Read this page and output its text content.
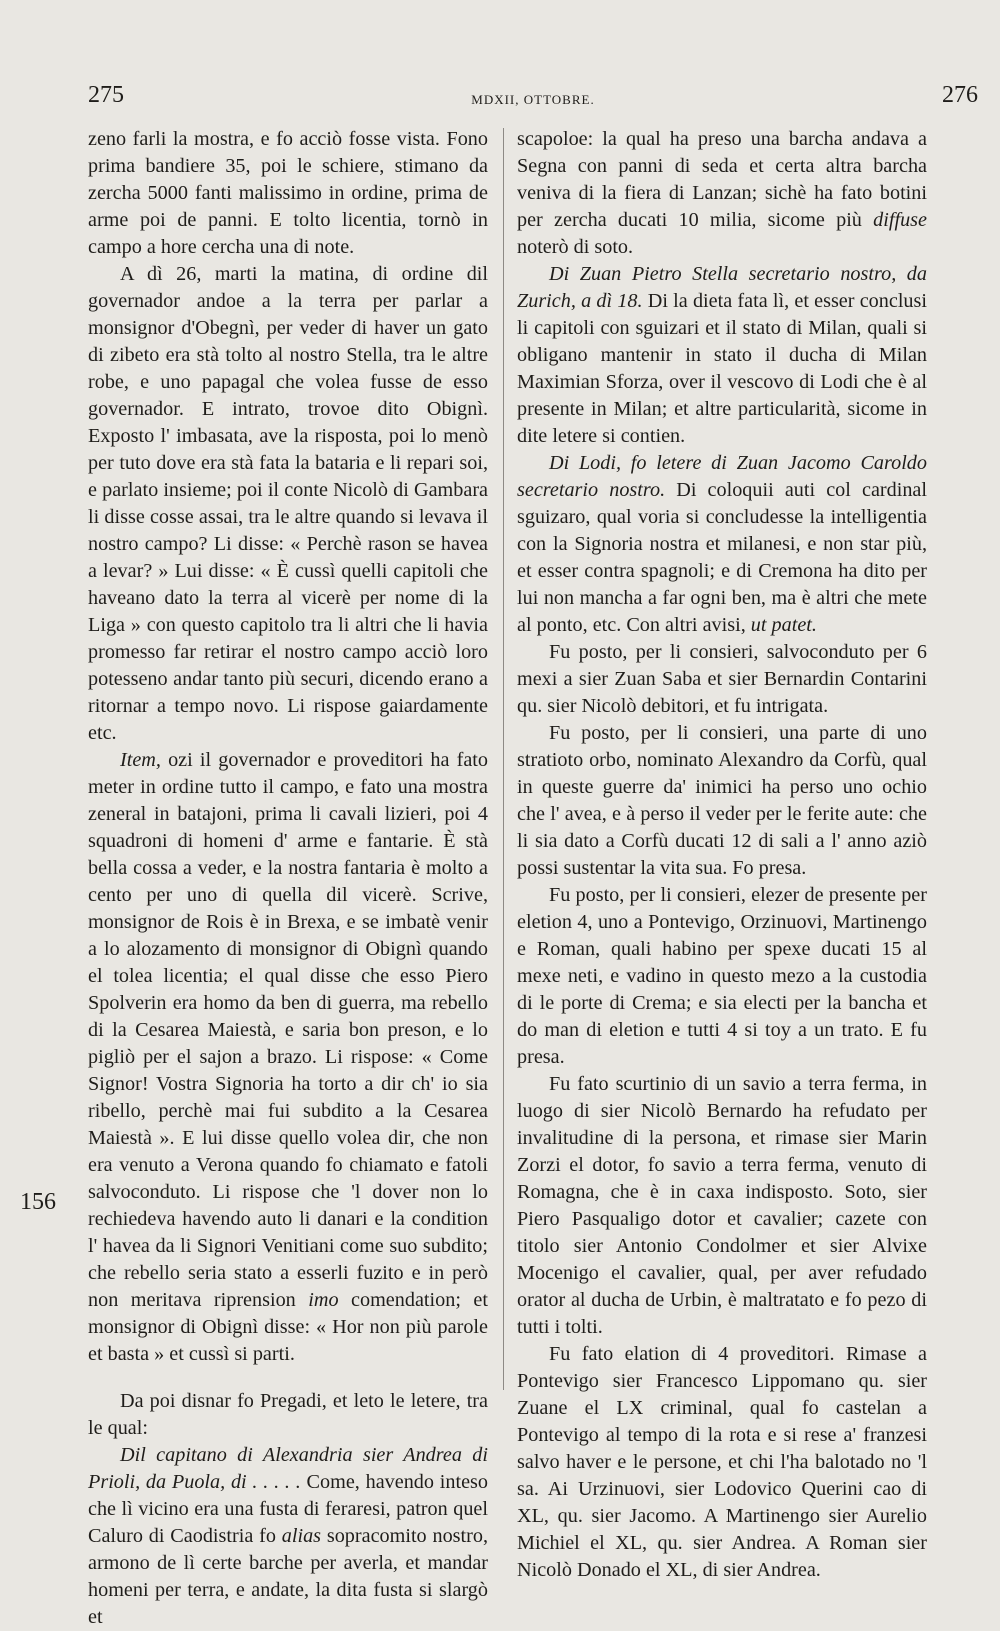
275	MDXII, OTTOBRE.	276
156

zeno farli la mostra, e fo acciò fosse vista. Fono prima bandiere 35, poi le schiere, stimano da zercha 5000 fanti malissimo in ordine, prima de arme poi de panni. E tolto licentia, tornò in campo a hore cercha una di note.

A dì 26, marti la matina, di ordine dil governador andoe a la terra per parlar a monsignor d'Obegnì, per veder di haver un gato di zibeto era stà tolto al nostro Stella, tra le altre robe, e uno papagal che volea fusse de esso governador. E intrato, trovoe dito Obignì. Exposto l' imbasata, ave la risposta, poi lo menò per tuto dove era stà fata la bataria e li repari soi, e parlato insieme; poi il conte Nicolò di Gambara li disse cosse assai, tra le altre quando si levava il nostro campo? Li disse: « Perchè rason se havea a levar? » Lui disse: « È cussì quelli capitoli che haveano dato la terra al vicerè per nome di la Liga » con questo capitolo tra li altri che li havia promesso far retirar el nostro campo acciò loro potesseno andar tanto più securi, dicendo erano a ritornar a tempo novo. Li rispose gaiardamente etc.

Item, ozi il governador e proveditori ha fato meter in ordine tutto il campo, e fato una mostra zeneral in batajoni, prima li cavali lizieri, poi 4 squadroni di homeni d' arme e fantarie. È stà bella cossa a veder, e la nostra fantaria è molto a cento per uno di quella dil vicerè. Scrive, monsignor de Rois è in Brexa, e se imbatè venir a lo alozamento di monsignor di Obignì quando el tolea licentia; el qual disse che esso Piero Spolverin era homo da ben di guerra, ma rebello di la Cesarea Maiestà, e saria bon preson, e lo pigliò per el sajon a brazo. Li rispose: « Come Signor! Vostra Signoria ha torto a dir ch' io sia ribello, perchè mai fui subdito a la Cesarea Maiestà ». E lui disse quello volea dir, che non era venuto a Verona quando fo chiamato e fatoli salvoconduto. Li rispose che 'l dover non lo rechiedeva havendo auto li danari e la condition l' havea da li Signori Venitiani come suo subdito; che rebello seria stato a esserli fuzito e in però non meritava riprension imo comendation; et monsignor di Obignì disse: « Hor non più parole et basta » et cussì si parti.

Da poi disnar fo Pregadi, et leto le letere, tra le qual:

Dil capitano di Alexandria sier Andrea di Prioli, da Puola, di . . . . . Come, havendo inteso che lì vicino era una fusta di feraresi, patron quel Caluro di Caodistria fo alias sopracomito nostro, armono de lì certe barche per averla, et mandar homeni per terra, e andate, la dita fusta si slargò et

scapoloe: la qual ha preso una barcha andava a Segna con panni di seda et certa altra barcha veniva di la fiera di Lanzan; sichè ha fato botini per zercha ducati 10 milia, sicome più diffuse noterò di soto.

Di Zuan Pietro Stella secretario nostro, da Zurich, a dì 18. Di la dieta fata lì, et esser conclusi li capitoli con sguizari et il stato di Milan, quali si obligano mantenir in stato il ducha di Milan Maximian Sforza, over il vescovo di Lodi che è al presente in Milan; et altre particularità, sicome in dite letere si contien.

Di Lodi, fo letere di Zuan Jacomo Caroldo secretario nostro. Di coloquii auti col cardinal sguizaro, qual voria si concludesse la intelligentia con la Signoria nostra et milanesi, e non star più, et esser contra spagnoli; e di Cremona ha dito per lui non mancha a far ogni ben, ma è altri che mete al ponto, etc. Con altri avisi, ut patet.

Fu posto, per li consieri, salvoconduto per 6 mexi a sier Zuan Saba et sier Bernardin Contarini qu. sier Nicolò debitori, et fu intrigata.

Fu posto, per li consieri, una parte di uno stratioto orbo, nominato Alexandro da Corfù, qual in queste guerre da' inimici ha perso uno ochio che l' avea, e à perso il veder per le ferite aute: che li sia dato a Corfù ducati 12 di sali a l' anno aziò possi sustentar la vita sua. Fo presa.

Fu posto, per li consieri, elezer de presente per eletion 4, uno a Pontevigo, Orzinuovi, Martinengo e Roman, quali habino per spexe ducati 15 al mexe neti, e vadino in questo mezo a la custodia di le porte di Crema; e sia electi per la bancha et do man di eletion e tutti 4 si toy a un trato. E fu presa.

Fu fato scurtinio di un savio a terra ferma, in luogo di sier Nicolò Bernardo ha refudato per invalitudine di la persona, et rimase sier Marin Zorzi el dotor, fo savio a terra ferma, venuto di Romagna, che è in caxa indisposto. Soto, sier Piero Pasqualigo dotor et cavalier; cazete con titolo sier Antonio Condolmer et sier Alvixe Mocenigo el cavalier, qual, per aver refudado orator al ducha de Urbin, è maltratato e fo pezo di tutti i tolti.

Fu fato elation di 4 proveditori. Rimase a Pontevigo sier Francesco Lippomano qu. sier Zuane el LX criminal, qual fo castelan a Pontevigo al tempo di la rota e si rese a' franzesi salvo haver e le persone, et chi l'ha balotado no 'l sa. Ai Urzinuovi, sier Lodovico Querini cao di XL, qu. sier Jacomo. A Martinengo sier Aurelio Michiel el XL, qu. sier Andrea. A Roman sier Nicolò Donado el XL, di sier Andrea.
